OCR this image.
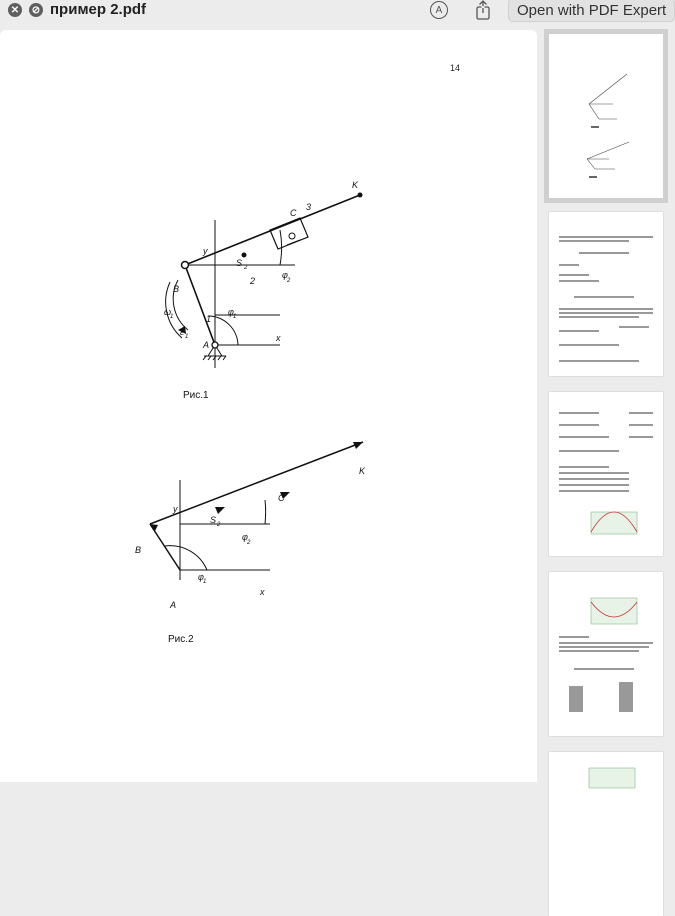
✕ ⊘ пример 2.pdf	A	Open with PDF Expert
14
K
C
3
y
S 2
2
B
φ
2
ω
1	φ 1
ε 1
1
A
x
Рис.1
K
C
y
S 2
B
φ
2
φ 1
A
x
Рис.2
